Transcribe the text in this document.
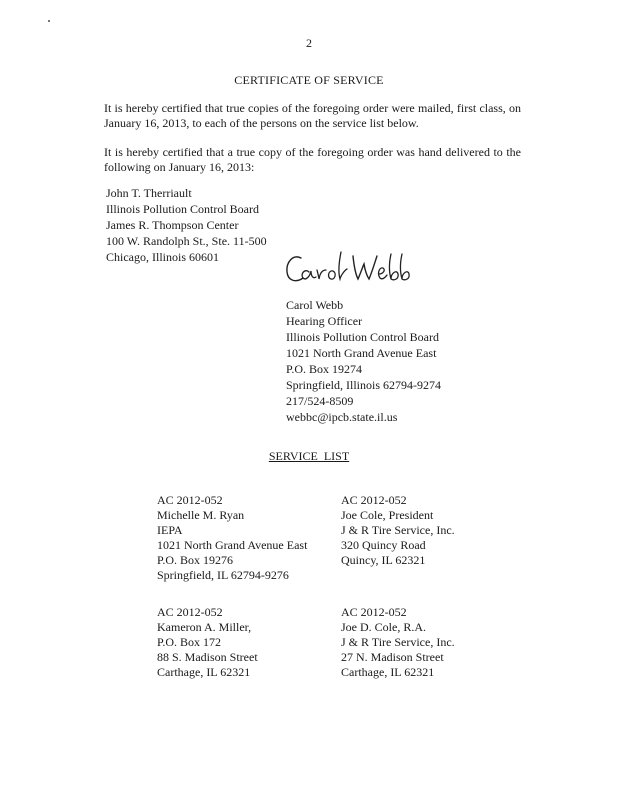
2
CERTIFICATE OF SERVICE
It is hereby certified that true copies of the foregoing order were mailed, first class, on January 16, 2013, to each of the persons on the service list below.
It is hereby certified that a true copy of the foregoing order was hand delivered to the following on January 16, 2013:
John T. Therriault
Illinois Pollution Control Board
James R. Thompson Center
100 W. Randolph St., Ste. 11-500
Chicago, Illinois 60601
Carol Webb
Hearing Officer
Illinois Pollution Control Board
1021 North Grand Avenue East
P.O. Box 19274
Springfield, Illinois 62794-9274
217/524-8509
webbc@ipcb.state.il.us
SERVICE  LIST
AC 2012-052
Michelle M. Ryan
IEPA
1021 North Grand Avenue East
P.O. Box 19276
Springfield, IL 62794-9276
AC 2012-052
Joe Cole, President
J & R Tire Service, Inc.
320 Quincy Road
Quincy, IL 62321
AC 2012-052
Kameron A. Miller,
P.O. Box 172
88 S. Madison Street
Carthage, IL 62321
AC 2012-052
Joe D. Cole, R.A.
J & R Tire Service, Inc.
27 N. Madison Street
Carthage, IL 62321
